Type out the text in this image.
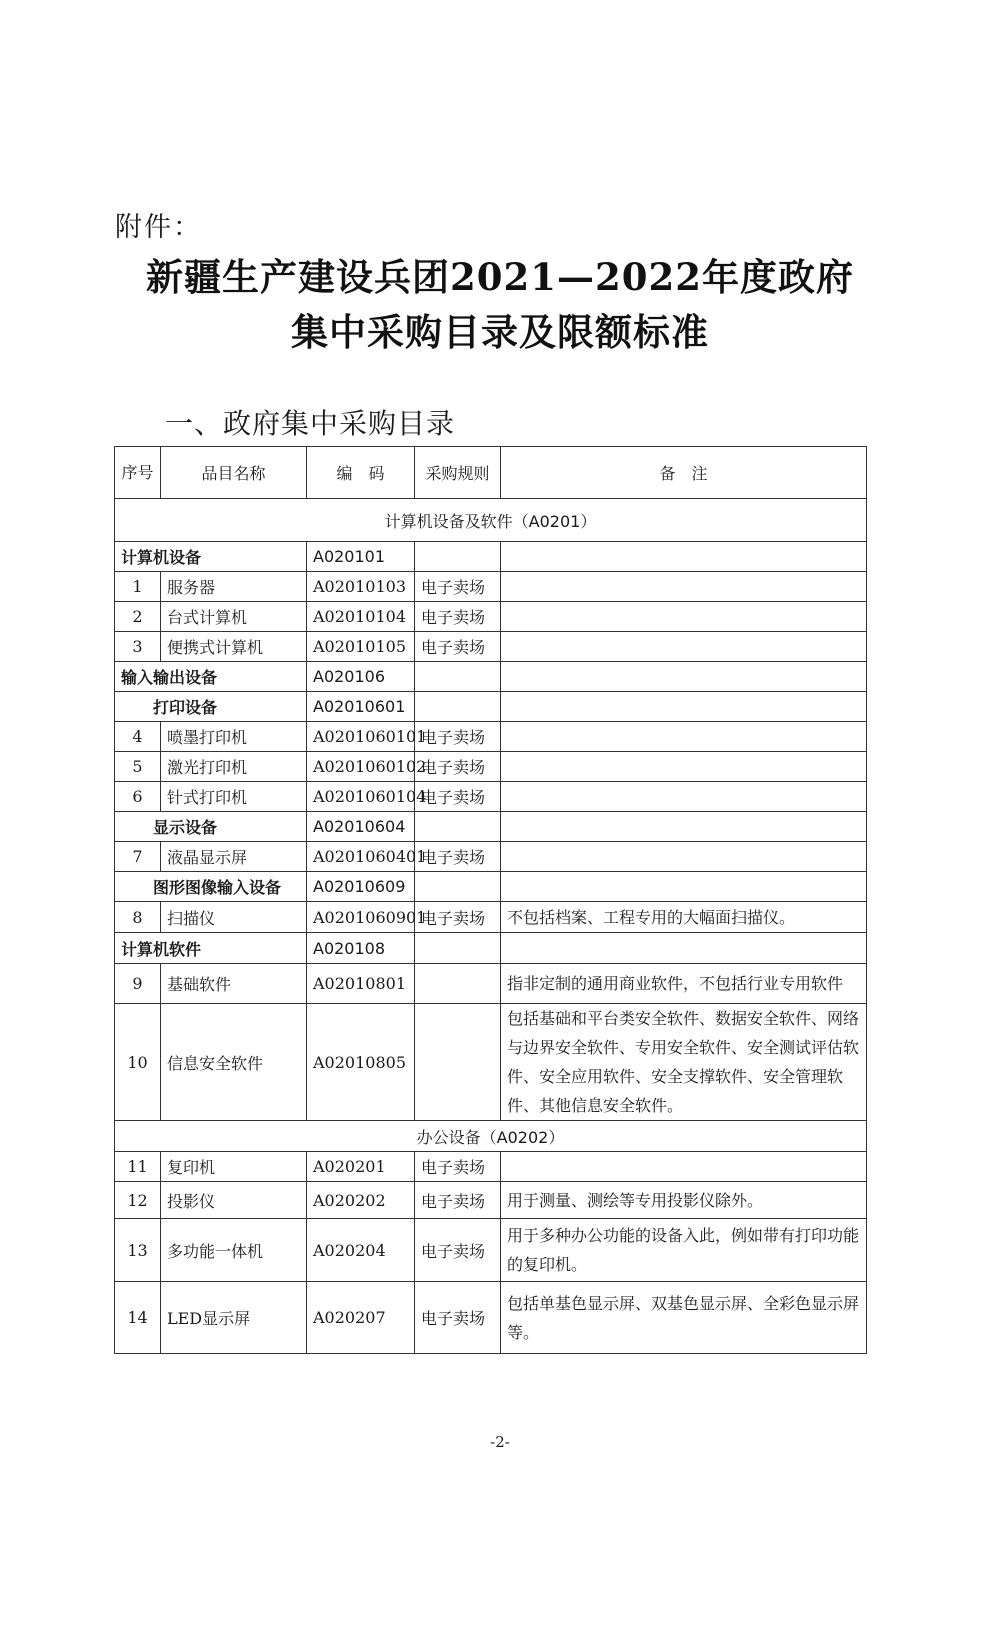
附件：
新疆生产建设兵团2021—2022年度政府
集中采购目录及限额标准
一、政府集中采购目录
序号	品目名称	编　码	采购规则	备　注
计算机设备及软件（A0201）				
计算机设备		A020101		
1	服务器	A02010103	电子卖场	
2	台式计算机	A02010104	电子卖场	
3	便携式计算机	A02010105	电子卖场	
输入输出设备		A020106		
打印设备		A02010601		
4	喷墨打印机	A0201060101	电子卖场	
5	激光打印机	A0201060102	电子卖场	
6	针式打印机	A0201060104	电子卖场	
显示设备		A02010604		
7	液晶显示屏	A0201060401	电子卖场	
图形图像输入设备		A02010609		
8	扫描仪	A0201060901	电子卖场	不包括档案、工程专用的大幅面扫描仪。
计算机软件		A020108		
9	基础软件	A02010801		指非定制的通用商业软件，不包括行业专用软件
10	信息安全软件	A02010805		包括基础和平台类安全软件、数据安全软件、网络与边界安全软件、专用安全软件、安全测试评估软件、安全应用软件、安全支撑软件、安全管理软件、其他信息安全软件。
办公设备（A0202）				
11	复印机	A020201	电子卖场	
12	投影仪	A020202	电子卖场	用于测量、测绘等专用投影仪除外。
13	多功能一体机	A020204	电子卖场	用于多种办公功能的设备入此，例如带有打印功能的复印机。
14	LED显示屏	A020207	电子卖场	包括单基色显示屏、双基色显示屏、全彩色显示屏等。
-2-
